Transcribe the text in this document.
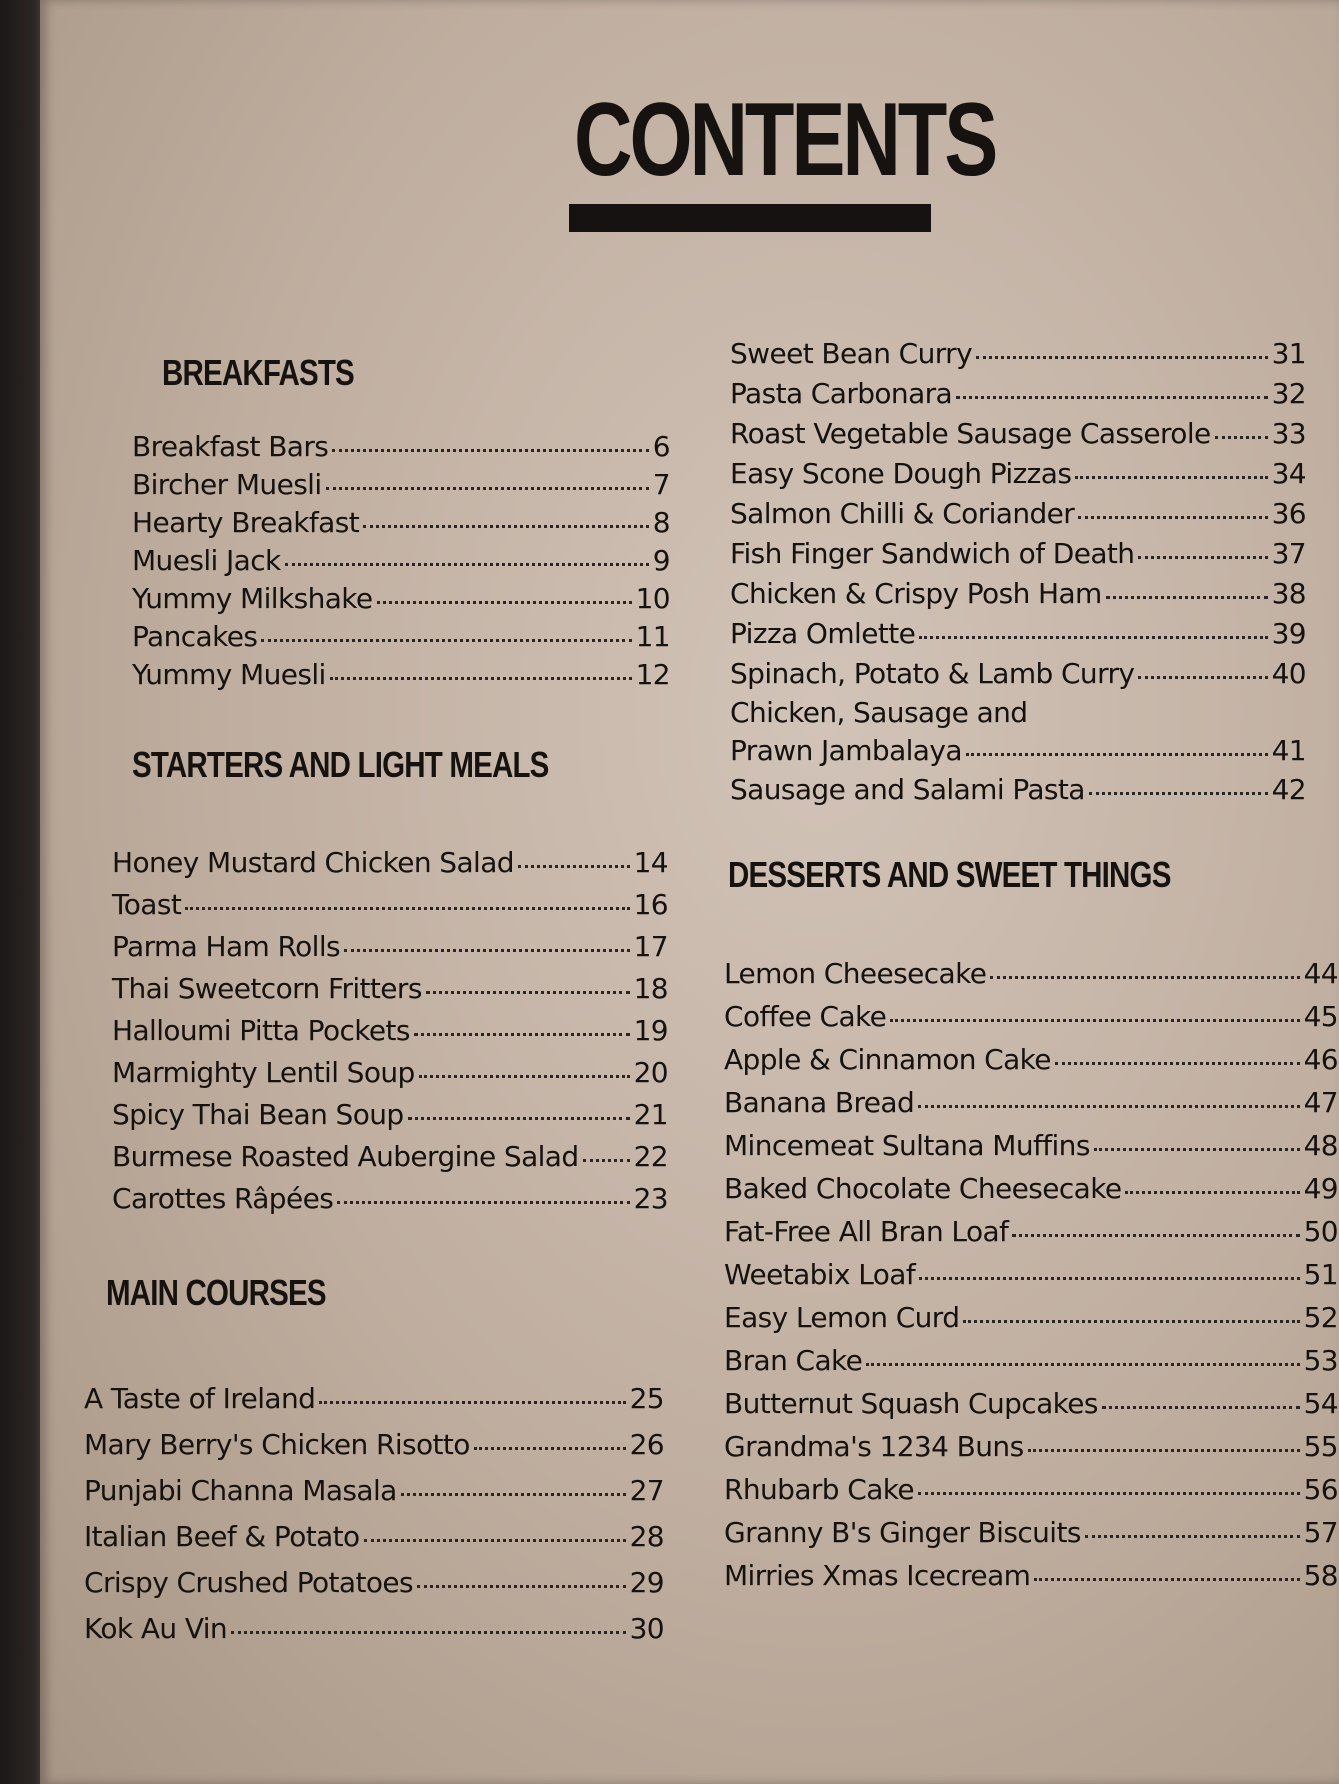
CONTENTS
BREAKFASTS
Breakfast Bars	6
Bircher Muesli	7
Hearty Breakfast	8
Muesli Jack	9
Yummy Milkshake	10
Pancakes	11
Yummy Muesli	12
STARTERS AND LIGHT MEALS
Honey Mustard Chicken Salad	14
Toast	16
Parma Ham Rolls	17
Thai Sweetcorn Fritters	18
Halloumi Pitta Pockets	19
Marmighty Lentil Soup	20
Spicy Thai Bean Soup	21
Burmese Roasted Aubergine Salad 22
Carottes Râpées	23
MAIN COURSES
A Taste of Ireland	25
Mary Berry's Chicken Risotto	26
Punjabi Channa Masala	27
Italian Beef & Potato	28
Crispy Crushed Potatoes	29
Kok Au Vin	30
Sweet Bean Curry	31
Pasta Carbonara	32
Roast Vegetable Sausage Casserole 33
Easy Scone Dough Pizzas	34
Salmon Chilli & Coriander	36
Fish Finger Sandwich of Death	37
Chicken & Crispy Posh Ham	38
Pizza Omlette	39
Spinach, Potato & Lamb Curry	40
Chicken, Sausage and
Prawn Jambalaya	41
Sausage and Salami Pasta	42
DESSERTS AND SWEET THINGS
Lemon Cheesecake	44
Coffee Cake	45
Apple & Cinnamon Cake	46
Banana Bread	47
Mincemeat Sultana Muffins	48
Baked Chocolate Cheesecake	49
Fat-Free All Bran Loaf	50
Weetabix Loaf	51
Easy Lemon Curd	52
Bran Cake	53
Butternut Squash Cupcakes	54
Grandma's 1234 Buns	55
Rhubarb Cake	56
Granny B's Ginger Biscuits	57
Mirries Xmas Icecream	58
